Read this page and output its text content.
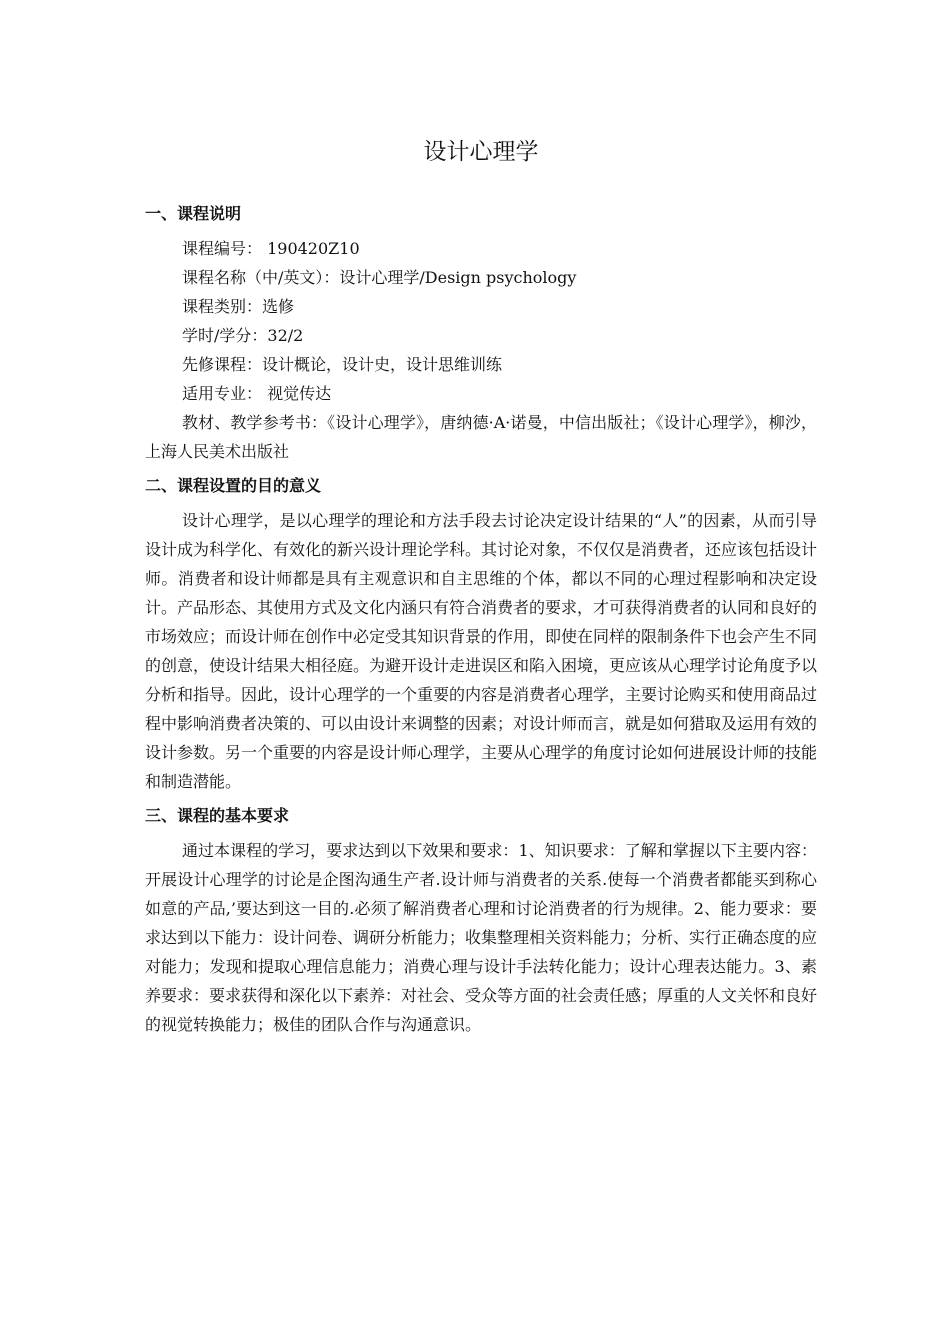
设计心理学
一、课程说明
课程编号： 190420Z10
课程名称（中/英文）：设计心理学/Design psychology
课程类别：选修
学时/学分：32/2
先修课程：设计概论，设计史，设计思维训练
适用专业： 视觉传达

教材、教学参考书：《设计心理学》，唐纳德·A·诺曼，中信出版社；《设计心理学》，柳沙，上海人民美术出版社

二、课程设置的目的意义

设计心理学，是以心理学的理论和方法手段去讨论决定设计结果的“人”的因素，从而引导设计成为科学化、有效化的新兴设计理论学科。其讨论对象，不仅仅是消费者，还应该包括设计师。消费者和设计师都是具有主观意识和自主思维的个体，都以不同的心理过程影响和决定设计。产品形态、其使用方式及文化内涵只有符合消费者的要求，才可获得消费者的认同和良好的市场效应；而设计师在创作中必定受其知识背景的作用，即使在同样的限制条件下也会产生不同的创意，使设计结果大相径庭。为避开设计走进误区和陷入困境，更应该从心理学讨论角度予以分析和指导。因此，设计心理学的一个重要的内容是消费者心理学，主要讨论购买和使用商品过程中影响消费者决策的、可以由设计来调整的因素；对设计师而言，就是如何猎取及运用有效的设计参数。另一个重要的内容是设计师心理学，主要从心理学的角度讨论如何进展设计师的技能和制造潜能。

三、课程的基本要求

通过本课程的学习，要求达到以下效果和要求：1、知识要求：了解和掌握以下主要内容：开展设计心理学的讨论是企图沟通生产者.设计师与消费者的关系.使每一个消费者都能买到称心如意的产品,’要达到这一目的.必须了解消费者心理和讨论消费者的行为规律。2、能力要求：要求达到以下能力：设计问卷、调研分析能力；收集整理相关资料能力；分析、实行正确态度的应对能力；发现和提取心理信息能力；消费心理与设计手法转化能力；设计心理表达能力。3、素养要求：要求获得和深化以下素养：对社会、受众等方面的社会责任感；厚重的人文关怀和良好的视觉转换能力；极佳的团队合作与沟通意识。
